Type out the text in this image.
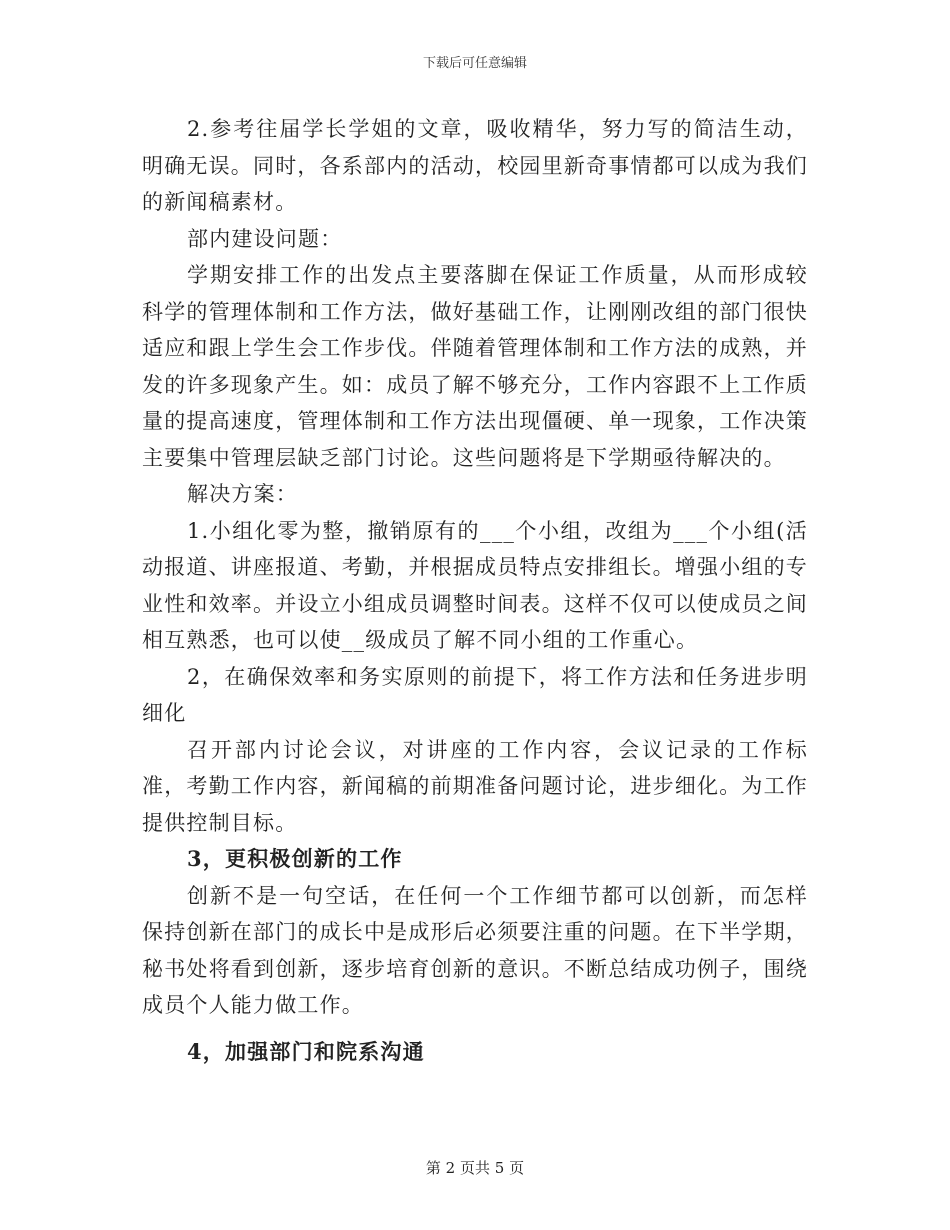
下载后可任意编辑

2.参考往届学长学姐的文章，吸收精华，努力写的简洁生动，明确无误。同时，各系部内的活动，校园里新奇事情都可以成为我们的新闻稿素材。

部内建设问题：

学期安排工作的出发点主要落脚在保证工作质量，从而形成较科学的管理体制和工作方法，做好基础工作，让刚刚改组的部门很快适应和跟上学生会工作步伐。伴随着管理体制和工作方法的成熟，并发的许多现象产生。如：成员了解不够充分，工作内容跟不上工作质量的提高速度，管理体制和工作方法出现僵硬、单一现象，工作决策主要集中管理层缺乏部门讨论。这些问题将是下学期亟待解决的。

解决方案：

1.小组化零为整，撤销原有的___个小组，改组为___个小组(活动报道、讲座报道、考勤，并根据成员特点安排组长。增强小组的专业性和效率。并设立小组成员调整时间表。这样不仅可以使成员之间相互熟悉，也可以使__级成员了解不同小组的工作重心。

2，在确保效率和务实原则的前提下，将工作方法和任务进步明细化

召开部内讨论会议，对讲座的工作内容，会议记录的工作标准，考勤工作内容，新闻稿的前期准备问题讨论，进步细化。为工作提供控制目标。

3，更积极创新的工作

创新不是一句空话，在任何一个工作细节都可以创新，而怎样保持创新在部门的成长中是成形后必须要注重的问题。在下半学期，秘书处将看到创新，逐步培育创新的意识。不断总结成功例子，围绕成员个人能力做工作。

4，加强部门和院系沟通

第 2 页共 5 页
